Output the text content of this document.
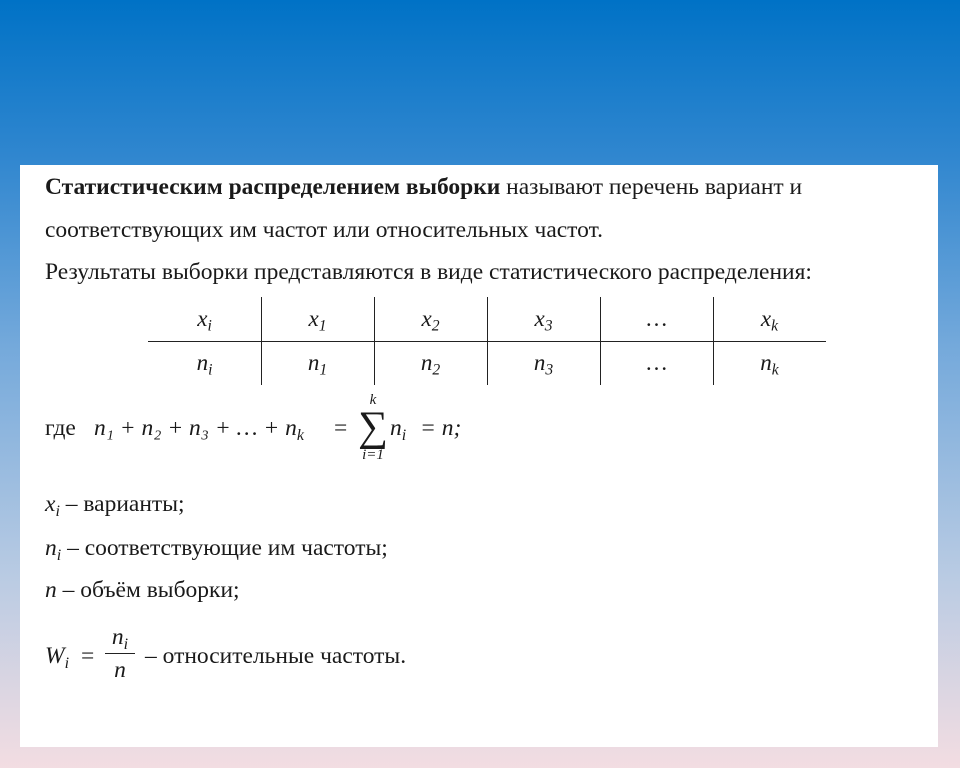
Статистическим распределением выборки называют перечень вариант и
соответствующих им частот или относительных частот.
Результаты выборки представляются в виде статистического распределения:
$x_i$	$x_1$	$x_2$	$x_3$	…	$x_k$
$n_i$	$n_1$	$n_2$	$n_3$	…	$n_k$
где n₁ + n₂ + n₃ + … + $n_k$ =
k
∑
i=1
$n_i = n$;
$x_i$ – варианты;
$n_i$ – соответствующие им частоты;
n – объём выборки;
$W_i$ =
$n_i$
n
– относительные частоты.
